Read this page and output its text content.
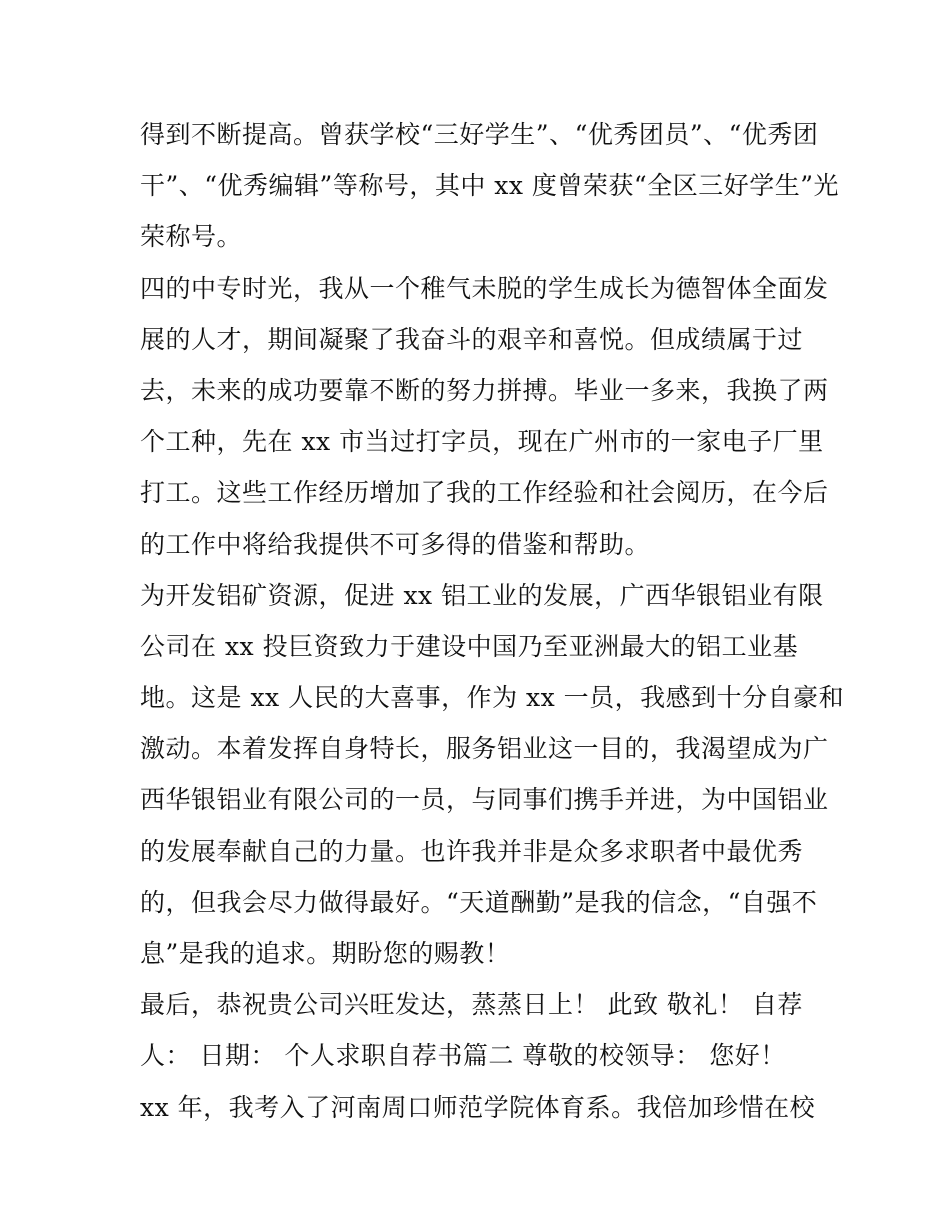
得到不断提高。曾获学校“三好学生”、“优秀团员”、“优秀团
干”、“优秀编辑”等称号，其中 xx 度曾荣获“全区三好学生”光
荣称号。
四的中专时光，我从一个稚气未脱的学生成长为德智体全面发
展的人才，期间凝聚了我奋斗的艰辛和喜悦。但成绩属于过
去，未来的成功要靠不断的努力拼搏。毕业一多来，我换了两
个工种，先在 xx 市当过打字员，现在广州市的一家电子厂里
打工。这些工作经历增加了我的工作经验和社会阅历，在今后
的工作中将给我提供不可多得的借鉴和帮助。
为开发铝矿资源，促进 xx 铝工业的发展，广西华银铝业有限
公司在 xx 投巨资致力于建设中国乃至亚洲最大的铝工业基
地。这是 xx 人民的大喜事，作为 xx 一员，我感到十分自豪和
激动。本着发挥自身特长，服务铝业这一目的，我渴望成为广
西华银铝业有限公司的一员，与同事们携手并进，为中国铝业
的发展奉献自己的力量。也许我并非是众多求职者中最优秀
的，但我会尽力做得最好。“天道酬勤”是我的信念，“自强不
息”是我的追求。期盼您的赐教！
最后，恭祝贵公司兴旺发达，蒸蒸日上！ 此致 敬礼！ 自荐
人： 日期： 个人求职自荐书篇二 尊敬的校领导： 您好！
xx 年，我考入了河南周口师范学院体育系。我倍加珍惜在校
